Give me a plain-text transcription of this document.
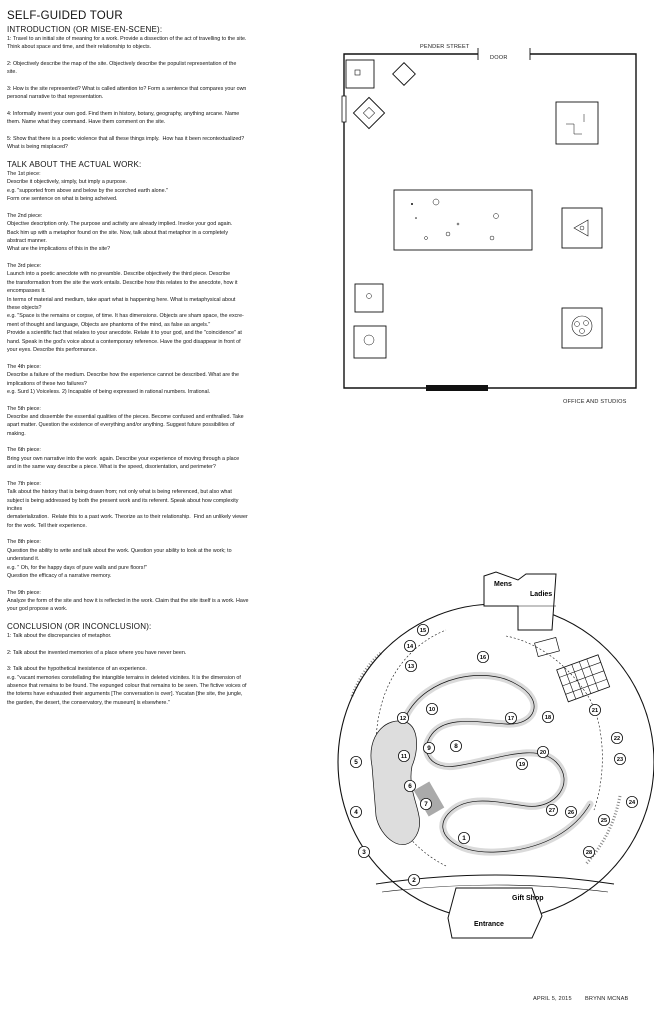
SELF-GUIDED TOUR
INTRODUCTION (OR MISE-EN-SCENE):
1: Travel to an initial site of meaning for a work. Provide a dissection of the act of travelling to the site.
Think about space and time, and their relationship to objects.
2: Objectively describe the map of the site. Objectively describe the populist representation of the
site.
3: How is the site represented? What is called attention to? Form a sentence that compares your own
personal narrative to that representation.
4: Informally invent your own god. Find them in history, botany, geography, anything arcane. Name
them. Name what they command. Have them comment on the site.
5: Show that there is a poetic violence that all these things imply.  How has it been recontextualized?
What is being misplaced?
TALK ABOUT THE ACTUAL WORK:
The 1st piece:
Describe it objectively, simply, but imply a purpose.
e.g. "supported from above and below by the scorched earth alone."
Form one sentence on what is being acheived.
The 2nd piece:
Objective description only. The purpose and activity are already implied. Invoke your god again.
Back him up with a metaphor found on the site. Now, talk about that metaphor in a completely
abstract manner.
What are the implications of this in the site?
The 3rd piece:
Launch into a poetic anecdote with no preamble. Describe objectively the third piece. Describe
the transformation from the site the work entails. Describe how this relates to the anecdote, how it
encompasses it.
In terms of material and medium, take apart what is happening here. What is metaphysical about
these objects?
e.g. "Space is the remains or corpse, of time. It has dimensions. Objects are sham space, the excre-
ment of thought and language, Objects are phantoms of the mind, as false as angels."
Provide a scientific fact that relates to your anecdote. Relate it to your god, and the "coincidence" at
hand. Speak in the god's voice about a contemporary reference. Have the god disappear in front of
your eyes. Describe this performance.
The 4th piece:
Describe a failure of the medium. Describe how the experience cannot be described. What are the
implications of these two failures?
e.g. Surd 1) Voiceless. 2) Incapable of being expressed in rational numbers. Irrational.
The 5th piece:
Describe and dissemble the essential qualities of the pieces. Become confused and enthralled. Take
apart matter. Question the existence of everything and/or anything. Suggest future possibilites of
making.
The 6th piece:
Bring your own narrative into the work  again. Describe your experience of moving through a place
and in the same way describe a piece. What is the speed, disorientation, and perimeter?
The 7th piece:
Talk about the history that is being drawn from; not only what is being referenced, but also what
subject is being addressed by both the present work and its referent. Speak about how complexity
incites
dematerialization.  Relate this to a past work. Theorize as to their relationship.  Find an unlikely viewer
for the work. Tell their experience.
The 8th piece:
Question the ability to write and talk about the work. Question your ability to look at the work; to
understand it.
e.g. " Oh, for the happy days of pure walls and pure floors!"
Question the efficacy of a narrative memory.
The 9th piece:
Analyze the form of the site and how it is reflected in the work. Claim that the site itself is a work. Have
your god propose a work.
CONCLUSION (OR INCONCLUSION):
1: Talk about the discrepancies of metaphor.
2: Talk about the invented memories of a place where you have never been.
3: Talk about the hypothetical inexistence of an experience.
e.g. "vacant memories constellating the intangible terrains in deleted vicinites. It is the dimension of
absence that remains to be found. The expunged colour that remains to be seen. The fictive voices of
the totems have exhausted their arguments [The conversation is over]. Yucatan [the site, the jungle,
the garden, the desert, the conservatory, the museum] is elsewhere."
PENDER STREET
DOOR
OFFICE AND STUDIOS
Mens
Ladies
Gift Shop
Entrance
1
2
3
4
5
6
7
8
9
10
11
12
13
14
15
16
17	18
19
20
21
22
23
24
25
26
27
28
APRIL 5, 2015 BRYNN MCNAB
